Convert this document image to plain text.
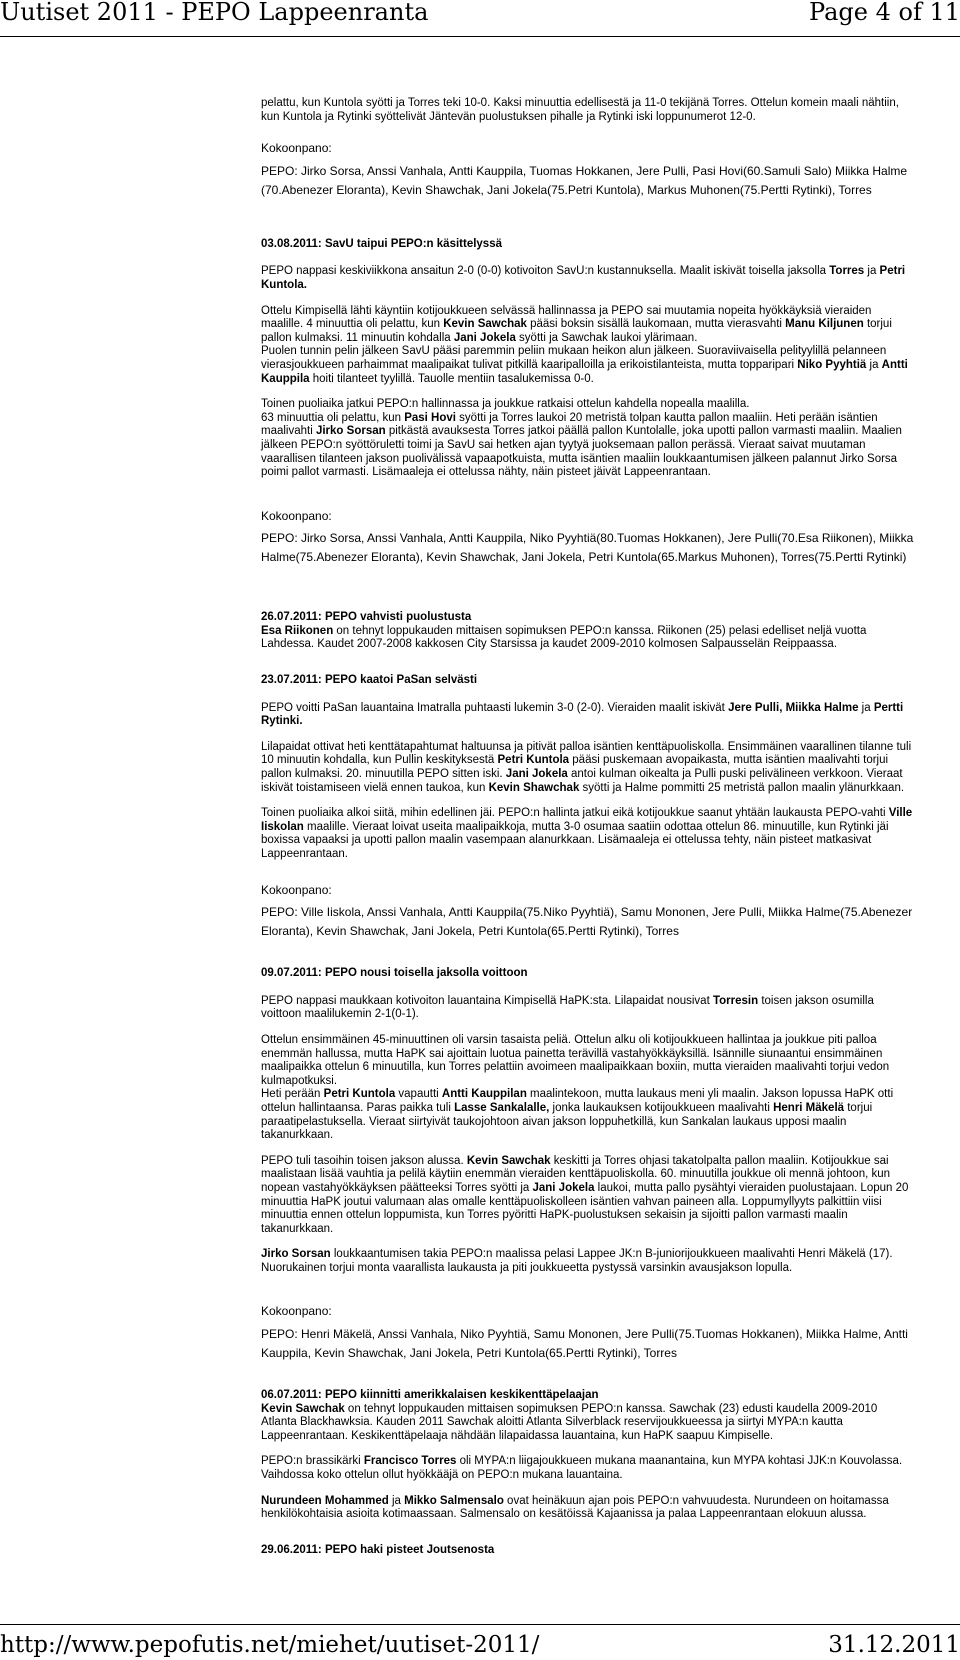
Uutiset 2011 - PEPO Lappeenranta	Page 4 of 11

pelattu, kun Kuntola syötti ja Torres teki 10-0. Kaksi minuuttia edellisestä ja 11-0 tekijänä Torres. Ottelun komein maali nähtiin, kun Kuntola ja Rytinki syöttelivät Jäntevän puolustuksen pihalle ja Rytinki iski loppunumerot 12-0.

Kokoonpano:

PEPO: Jirko Sorsa, Anssi Vanhala, Antti Kauppila, Tuomas Hokkanen, Jere Pulli, Pasi Hovi(60.Samuli Salo) Miikka Halme (70.Abenezer Eloranta), Kevin Shawchak, Jani Jokela(75.Petri Kuntola), Markus Muhonen(75.Pertti Rytinki), Torres

03.08.2011: SavU taipui PEPO:n käsittelyssä

PEPO nappasi keskiviikkona ansaitun 2-0 (0-0) kotivoiton SavU:n kustannuksella. Maalit iskivät toisella jaksolla Torres ja Petri Kuntola.

Ottelu Kimpisellä lähti käyntiin kotijoukkueen selvässä hallinnassa ja PEPO sai muutamia nopeita hyökkäyksiä vieraiden maalille. 4 minuuttia oli pelattu, kun Kevin Sawchak pääsi boksin sisällä laukomaan, mutta vierasvahti Manu Kiljunen torjui pallon kulmaksi. 11 minuutin kohdalla Jani Jokela syötti ja Sawchak laukoi ylärimaan.

Puolen tunnin pelin jälkeen SavU pääsi paremmin peliin mukaan heikon alun jälkeen. Suoraviivaisella pelityylillä pelanneen vierasjoukkueen parhaimmat maalipaikat tulivat pitkillä kaaripalloilla ja erikoistilanteista, mutta topparipari Niko Pyyhtiä ja Antti Kauppila hoiti tilanteet tyylillä. Tauolle mentiin tasalukemissa 0-0.

Toinen puoliaika jatkui PEPO:n hallinnassa ja joukkue ratkaisi ottelun kahdella nopealla maalilla.

63 minuuttia oli pelattu, kun Pasi Hovi syötti ja Torres laukoi 20 metristä tolpan kautta pallon maaliin. Heti perään isäntien maalivahti Jirko Sorsan pitkästä avauksesta Torres jatkoi päällä pallon Kuntolalle, joka upotti pallon varmasti maaliin. Maalien jälkeen PEPO:n syöttöruletti toimi ja SavU sai hetken ajan tyytyä juoksemaan pallon perässä. Vieraat saivat muutaman vaarallisen tilanteen jakson puolivälissä vapaapotkuista, mutta isäntien maaliin loukkaantumisen jälkeen palannut Jirko Sorsa poimi pallot varmasti. Lisämaaleja ei ottelussa nähty, näin pisteet jäivät Lappeenrantaan.

Kokoonpano:

PEPO: Jirko Sorsa, Anssi Vanhala, Antti Kauppila, Niko Pyyhtiä(80.Tuomas Hokkanen), Jere Pulli(70.Esa Riikonen), Miikka Halme(75.Abenezer Eloranta), Kevin Shawchak, Jani Jokela, Petri Kuntola(65.Markus Muhonen), Torres(75.Pertti Rytinki)

26.07.2011: PEPO vahvisti puolustusta

Esa Riikonen on tehnyt loppukauden mittaisen sopimuksen PEPO:n kanssa. Riikonen (25) pelasi edelliset neljä vuotta Lahdessa. Kaudet 2007-2008 kakkosen City Starsissa ja kaudet 2009-2010 kolmosen Salpausselän Reippaassa.

23.07.2011: PEPO kaatoi PaSan selvästi

PEPO voitti PaSan lauantaina Imatralla puhtaasti lukemin 3-0 (2-0). Vieraiden maalit iskivät Jere Pulli, Miikka Halme ja Pertti Rytinki.

Lilapaidat ottivat heti kenttätapahtumat haltuunsa ja pitivät palloa isäntien kenttäpuoliskolla. Ensimmäinen vaarallinen tilanne tuli 10 minuutin kohdalla, kun Pullin keskityksestä Petri Kuntola pääsi puskemaan avopaikasta, mutta isäntien maalivahti torjui pallon kulmaksi. 20. minuutilla PEPO sitten iski. Jani Jokela antoi kulman oikealta ja Pulli puski pelivälineen verkkoon. Vieraat iskivät toistamiseen vielä ennen taukoa, kun Kevin Shawchak syötti ja Halme pommitti 25 metristä pallon maalin ylänurkkaan.

Toinen puoliaika alkoi siitä, mihin edellinen jäi. PEPO:n hallinta jatkui eikä kotijoukkue saanut yhtään laukausta PEPO-vahti Ville Iiskolan maalille. Vieraat loivat useita maalipaikkoja, mutta 3-0 osumaa saatiin odottaa ottelun 86. minuutille, kun Rytinki jäi boxissa vapaaksi ja upotti pallon maalin vasempaan alanurkkaan. Lisämaaleja ei ottelussa tehty, näin pisteet matkasivat Lappeenrantaan.

Kokoonpano:

PEPO: Ville Iiskola, Anssi Vanhala, Antti Kauppila(75.Niko Pyyhtiä), Samu Mononen, Jere Pulli, Miikka Halme(75.Abenezer Eloranta), Kevin Shawchak, Jani Jokela, Petri Kuntola(65.Pertti Rytinki), Torres

09.07.2011: PEPO nousi toisella jaksolla voittoon

PEPO nappasi maukkaan kotivoiton lauantaina Kimpisellä HaPK:sta. Lilapaidat nousivat Torresin toisen jakson osumilla voittoon maalilukemin 2-1(0-1).

Ottelun ensimmäinen 45-minuuttinen oli varsin tasaista peliä. Ottelun alku oli kotijoukkueen hallintaa ja joukkue piti palloa enemmän hallussa, mutta HaPK sai ajoittain luotua painetta terävillä vastahyökkäyksillä. Isännille siunaantui ensimmäinen maalipaikka ottelun 6 minuutilla, kun Torres pelattiin avoimeen maalipaikkaan boxiin, mutta vieraiden maalivahti torjui vedon kulmapotkuksi.

Heti perään Petri Kuntola vapautti Antti Kauppilan maalintekoon, mutta laukaus meni yli maalin. Jakson lopussa HaPK otti ottelun hallintaansa. Paras paikka tuli Lasse Sankalalle, jonka laukauksen kotijoukkueen maalivahti Henri Mäkelä torjui paraatipelastuksella. Vieraat siirtyivät taukojohtoon aivan jakson loppuhetkillä, kun Sankalan laukaus upposi maalin takanurkkaan.

PEPO tuli tasoihin toisen jakson alussa. Kevin Sawchak keskitti ja Torres ohjasi takatolpalta pallon maaliin. Kotijoukkue sai maalistaan lisää vauhtia ja pelilä käytiin enemmän vieraiden kenttäpuoliskolla. 60. minuutilla joukkue oli mennä johtoon, kun nopean vastahyökkäyksen päätteeksi Torres syötti ja Jani Jokela laukoi, mutta pallo pysähtyi vieraiden puolustajaan. Lopun 20 minuuttia HaPK joutui valumaan alas omalle kenttäpuoliskolleen isäntien vahvan paineen alla. Loppumyllyyts palkittiin viisi minuuttia ennen ottelun loppumista, kun Torres pyöritti HaPK-puolustuksen sekaisin ja sijoitti pallon varmasti maalin takanurkkaan.

Jirko Sorsan loukkaantumisen takia PEPO:n maalissa pelasi Lappee JK:n B-juniorijoukkueen maalivahti Henri Mäkelä (17). Nuorukainen torjui monta vaarallista laukausta ja piti joukkueetta pystyssä varsinkin avausjakson lopulla.

Kokoonpano:

PEPO: Henri Mäkelä, Anssi Vanhala, Niko Pyyhtiä, Samu Mononen, Jere Pulli(75.Tuomas Hokkanen), Miikka Halme, Antti Kauppila, Kevin Shawchak, Jani Jokela, Petri Kuntola(65.Pertti Rytinki), Torres

06.07.2011: PEPO kiinnitti amerikkalaisen keskikenttäpelaajan

Kevin Sawchak on tehnyt loppukauden mittaisen sopimuksen PEPO:n kanssa. Sawchak (23) edusti kaudella 2009-2010 Atlanta Blackhawksia. Kauden 2011 Sawchak aloitti Atlanta Silverblack reservijoukkueessa ja siirtyi MYPA:n kautta Lappeenrantaan. Keskikenttäpelaaja nähdään lilapaidassa lauantaina, kun HaPK saapuu Kimpiselle.

PEPO:n brassikärki Francisco Torres oli MYPA:n liigajoukkueen mukana maanantaina, kun MYPA kohtasi JJK:n Kouvolassa. Vaihdossa koko ottelun ollut hyökkääjä on PEPO:n mukana lauantaina.

Nurundeen Mohammed ja Mikko Salmensalo ovat heinäkuun ajan pois PEPO:n vahvuudesta. Nurundeen on hoitamassa henkilökohtaisia asioita kotimaassaan. Salmensalo on kesätöissä Kajaanissa ja palaa Lappeenrantaan elokuun alussa.

29.06.2011: PEPO haki pisteet Joutsenosta

http://www.pepofutis.net/miehet/uutiset-2011/	31.12.2011
